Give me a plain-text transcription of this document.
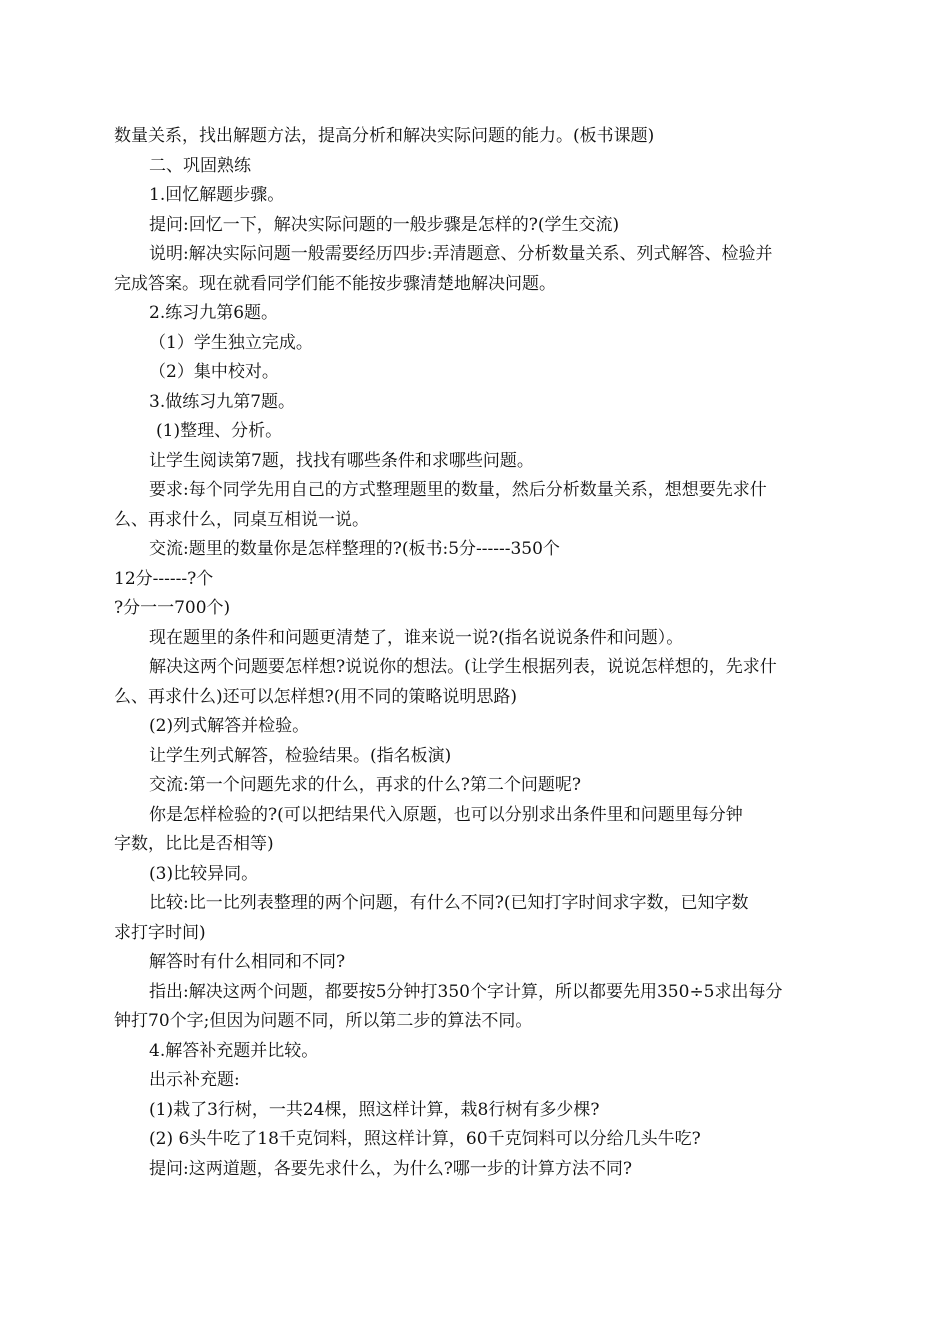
数量关系，找出解题方法，提高分析和解决实际问题的能力。(板书课题)
二、巩固熟练
1.回忆解题步骤。
提问:回忆一下，解决实际问题的一般步骤是怎样的?(学生交流)
说明:解决实际问题一般需要经历四步:弄清题意、分析数量关系、列式解答、检验并
完成答案。现在就看同学们能不能按步骤清楚地解决问题。
2.练习九第6题。
（1）学生独立完成。
（2）集中校对。
3.做练习九第7题。
(1)整理、分析。
让学生阅读第7题，找找有哪些条件和求哪些问题。
要求:每个同学先用自己的方式整理题里的数量，然后分析数量关系，想想要先求什
么、再求什么，同桌互相说一说。
交流:题里的数量你是怎样整理的?(板书:5分------350个
12分------?个
?分一一700个)
现在题里的条件和问题更清楚了，谁来说一说?(指名说说条件和问题）。
解决这两个问题要怎样想?说说你的想法。(让学生根据列表，说说怎样想的，先求什
么、再求什么)还可以怎样想?(用不同的策略说明思路)
(2)列式解答并检验。
让学生列式解答，检验结果。(指名板演)
交流:第一个问题先求的什么，再求的什么?第二个问题呢?
你是怎样检验的?(可以把结果代入原题，也可以分别求出条件里和问题里每分钟
字数，比比是否相等)
(3)比较异同。
比较:比一比列表整理的两个问题，有什么不同?(已知打字时间求字数，已知字数
求打字时间)
解答时有什么相同和不同?
指出:解决这两个问题，都要按5分钟打350个字计算，所以都要先用350÷5求出每分
钟打70个字;但因为问题不同，所以第二步的算法不同。
4.解答补充题并比较。
出示补充题:
(1)栽了3行树，一共24棵，照这样计算，栽8行树有多少棵?
(2) 6头牛吃了18千克饲料，照这样计算，60千克饲料可以分给几头牛吃?
提问:这两道题，各要先求什么，为什么?哪一步的计算方法不同?
